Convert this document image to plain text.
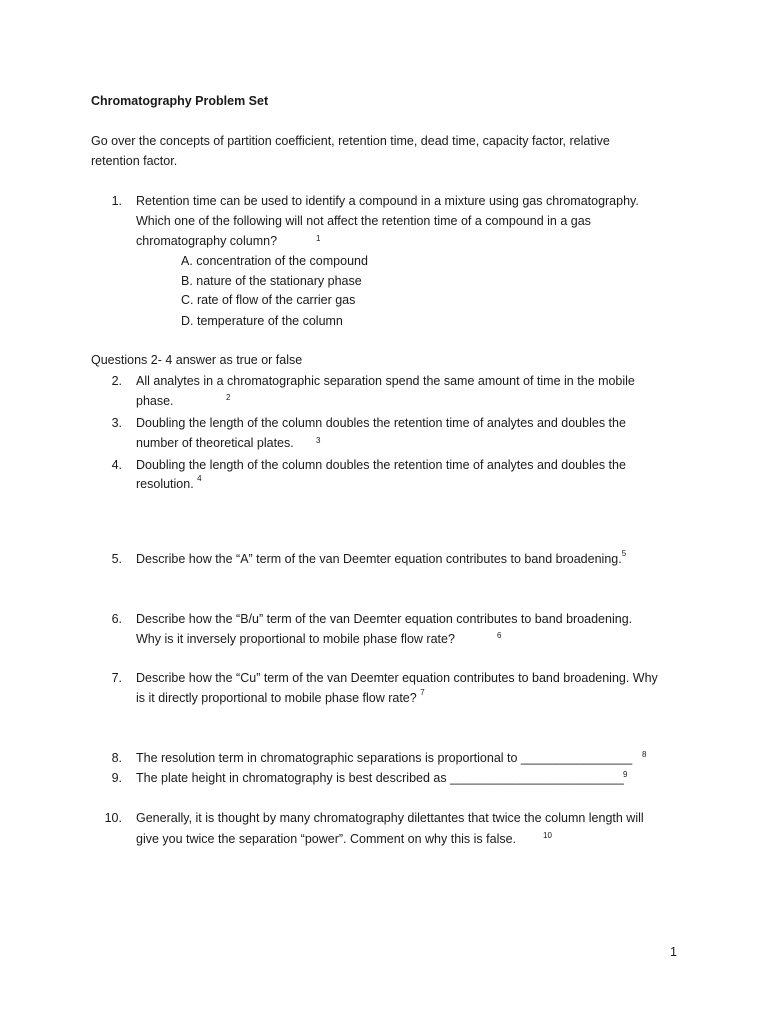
Chromatography Problem Set
Go over the concepts of partition coefficient, retention time, dead time, capacity factor, relative
retention factor.
1. Retention time can be used to identify a compound in a mixture using gas chromatography.
Which one of the following will not affect the retention time of a compound in a gas
chromatography column?	1
A. concentration of the compound
B. nature of the stationary phase
C. rate of flow of the carrier gas
D. temperature of the column
Questions 2- 4 answer as true or false
2. All analytes in a chromatographic separation spend the same amount of time in the mobile
phase.	2
3. Doubling the length of the column doubles the retention time of analytes and doubles the
number of theoretical plates.	3
4. Doubling the length of the column doubles the retention time of analytes and doubles the
resolution. $^4$
5. Describe how the “A” term of the van Deemter equation contributes to band broadening.$^5$
6. Describe how the “B/u” term of the van Deemter equation contributes to band broadening.
Why is it inversely proportional to mobile phase flow rate?	6
7. Describe how the “Cu” term of the van Deemter equation contributes to band broadening. Why
is it directly proportional to mobile phase flow rate? $^7$
8. The resolution term in chromatographic separations is proportional to ________________ 8
9. The plate height in chromatography is best described as _________________________ 9
10. Generally, it is thought by many chromatography dilettantes that twice the column length will
give you twice the separation “power”. Comment on why this is false.	10
1
